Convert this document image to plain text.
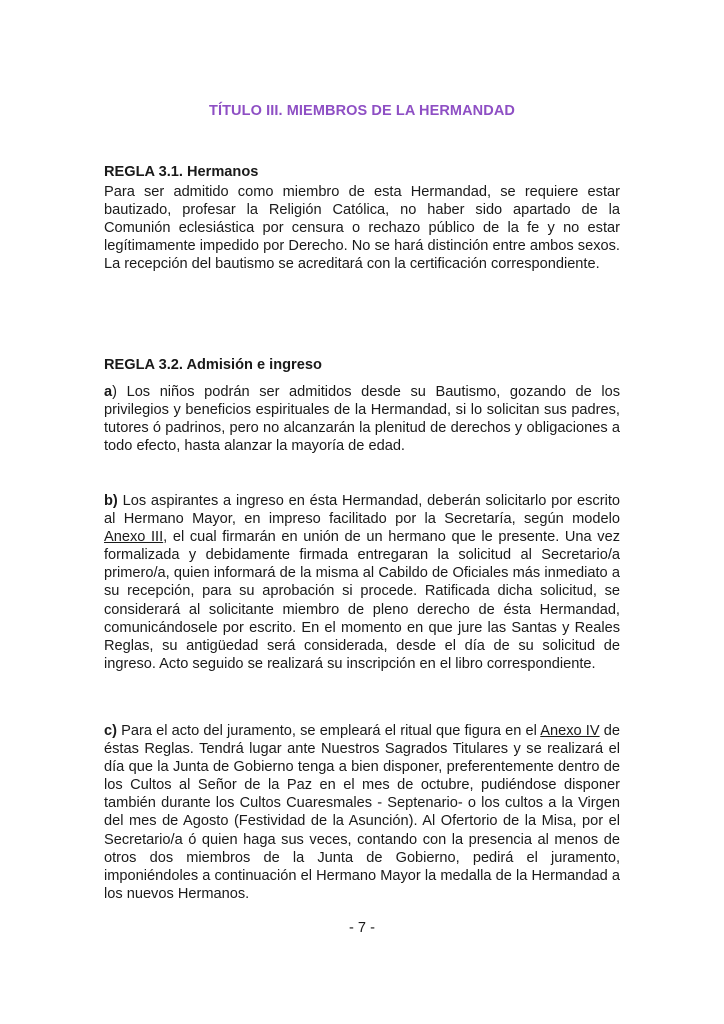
TÍTULO III. MIEMBROS DE LA HERMANDAD
REGLA 3.1. Hermanos
Para ser admitido como miembro de esta Hermandad, se requiere estar bautizado, profesar la Religión Católica, no haber sido apartado de la Comunión eclesiástica por censura o rechazo público de la fe y no estar legítimamente impedido por Derecho. No se hará distinción entre ambos sexos. La recepción del bautismo se acreditará con la certificación correspondiente.
REGLA 3.2. Admisión e ingreso
a) Los niños podrán ser admitidos desde su Bautismo, gozando de los privilegios y beneficios espirituales de la Hermandad, si lo solicitan sus padres, tutores ó padrinos, pero no alcanzarán la plenitud de derechos y obligaciones a todo efecto, hasta alanzar la mayoría de edad.
b) Los aspirantes a ingreso en ésta Hermandad, deberán solicitarlo por escrito al Hermano Mayor, en impreso facilitado por la Secretaría, según modelo Anexo III, el cual firmarán en unión de un hermano que le presente. Una vez formalizada y debidamente firmada entregaran la solicitud al Secretario/a primero/a, quien informará de la misma al Cabildo de Oficiales más inmediato a su recepción, para su aprobación si procede. Ratificada dicha solicitud, se considerará al solicitante miembro de pleno derecho de ésta Hermandad, comunicándosele por escrito. En el momento en que jure las Santas y Reales Reglas, su antigüedad será considerada, desde el día de su solicitud de ingreso. Acto seguido se realizará su inscripción en el libro correspondiente.
c) Para el acto del juramento, se empleará el ritual que figura en el Anexo IV de éstas Reglas. Tendrá lugar ante Nuestros Sagrados Titulares y se realizará el día que la Junta de Gobierno tenga a bien disponer, preferentemente dentro de los Cultos al Señor de la Paz en el mes de octubre, pudiéndose disponer también durante los Cultos Cuaresmales - Septenario- o los cultos a la Virgen del mes de Agosto (Festividad de la Asunción). Al Ofertorio de la Misa, por el Secretario/a ó quien haga sus veces, contando con la presencia al menos de otros dos miembros de la Junta de Gobierno, pedirá el juramento, imponiéndoles a continuación el Hermano Mayor la medalla de la Hermandad a los nuevos Hermanos.
- 7 -
